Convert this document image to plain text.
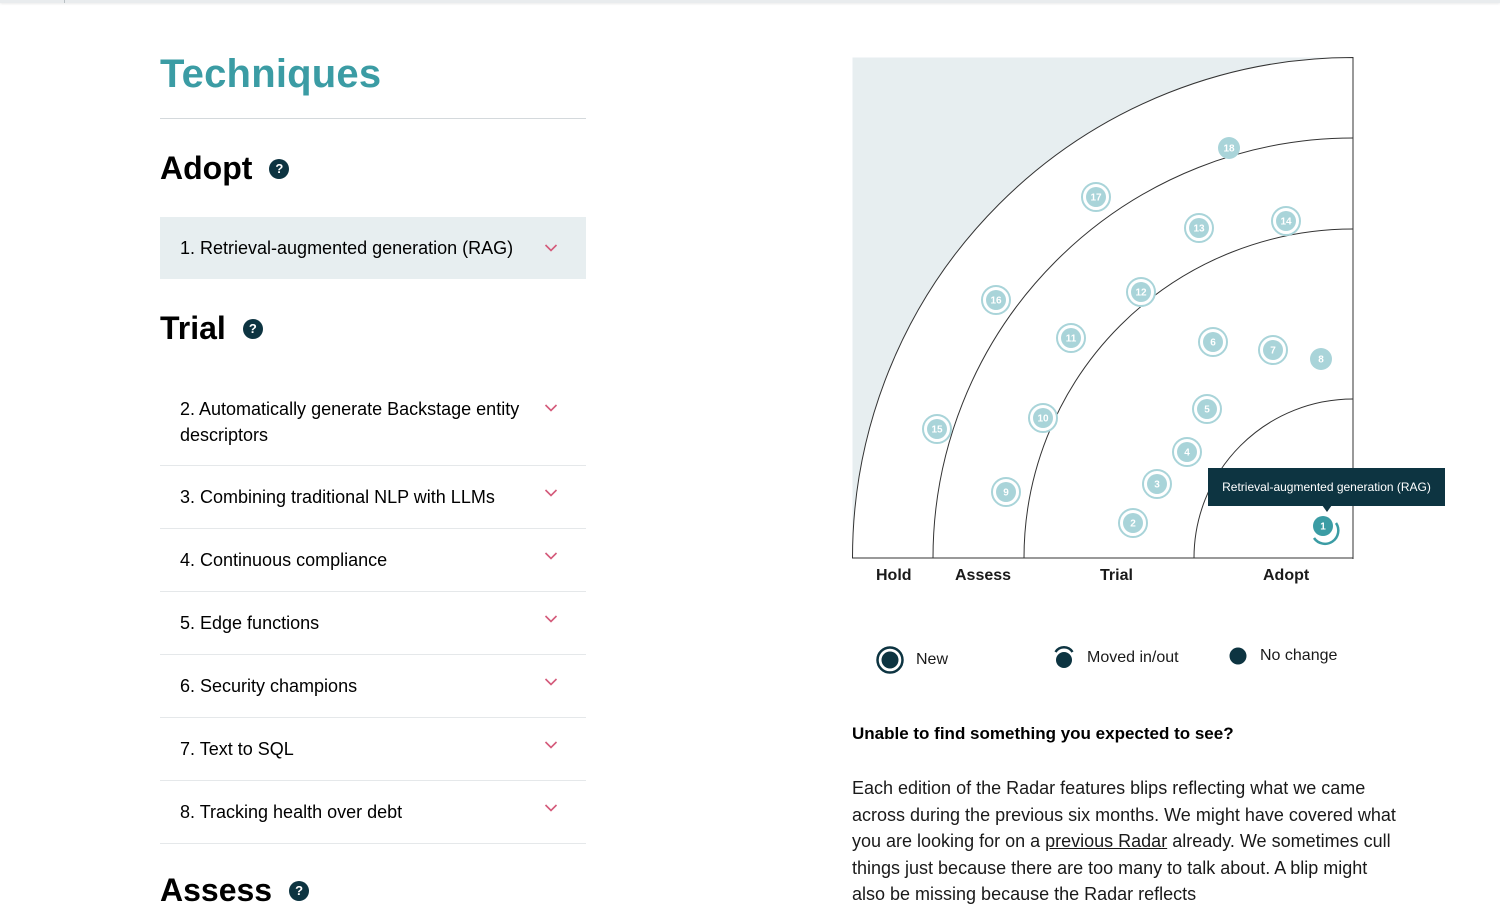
Techniques
Adopt	?
1. Retrieval-augmented generation (RAG)
Trial	?
2. Automatically generate Backstage entity descriptors
3. Combining traditional NLP with LLMs
4. Continuous compliance
5. Edge functions
6. Security champions
7. Text to SQL
8. Tracking health over debt
Assess	?
2
3
4
5
6
7
8
9
10
11
12
13
14
15
16
17
18
1
Retrieval-augmented generation (RAG)
Hold	Assess	Trial	Adopt
New	Moved in/out	No change
Unable to find something you expected to see?

Each edition of the Radar features blips reflecting what we came across during the previous six months. We might have covered what you are looking for on a previous Radar already. We sometimes cull things just because there are too many to talk about. A blip might also be missing because the Radar reflects
